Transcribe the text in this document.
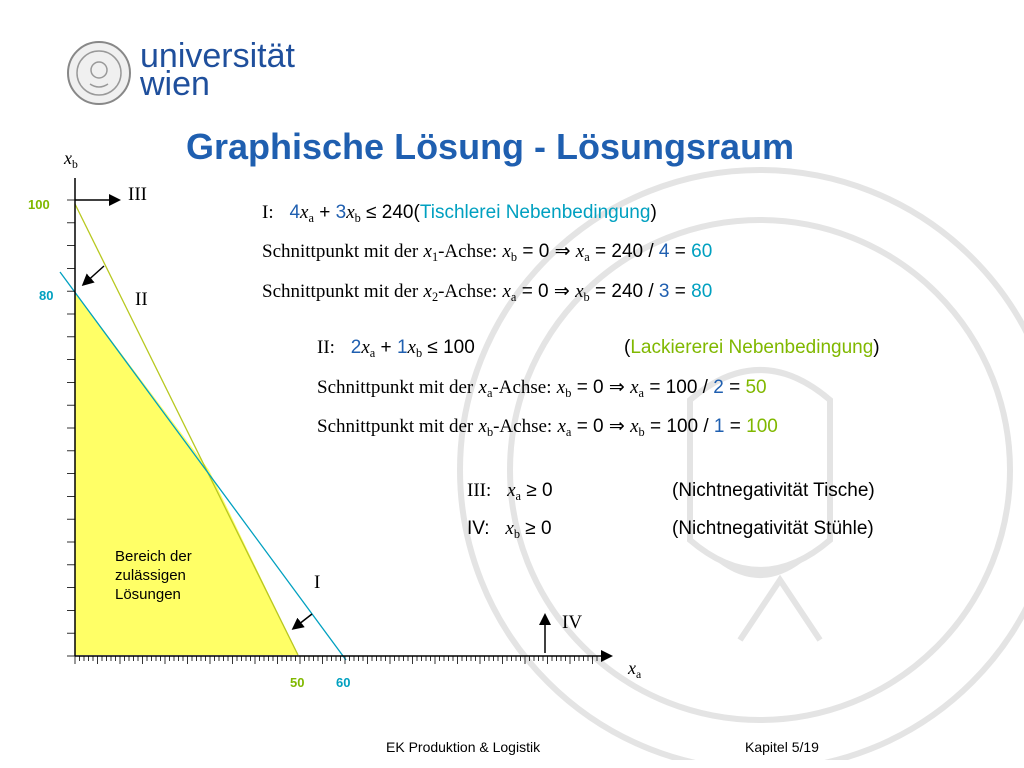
universität
wien
Graphische Lösung - Lösungsraum
$x_b$
$x_a$
100
80
50 60
III
II
I
IV
Bereich der
zulässigen
Lösungen
I: $4x_a + 3x_b$ ≤ 240(Tischlerei Nebenbedingung)
Schnittpunkt mit der $x_1$-Achse: $x_b = 0$ ⇒ $x_a = 240 / 4 = 60$
Schnittpunkt mit der $x_2$-Achse: $x_a = 0$ ⇒ $x_b = 240 / 3 = 80$
II: $2x_a + 1x_b \le 100$	(Lackiererei Nebenbedingung)
Schnittpunkt mit der $x_a$-Achse: $x_b = 0$ ⇒ $x_a = 100 / 2 = 50$
Schnittpunkt mit der $x_b$-Achse: $x_a = 0$ ⇒ $x_b = 100 / 1 = 100$
III: $x_a \ge 0$	(Nichtnegativität Tische)
IV: $x_b \ge 0$	(Nichtnegativität Stühle)
EK Produktion & Logistik	Kapitel 5/19
